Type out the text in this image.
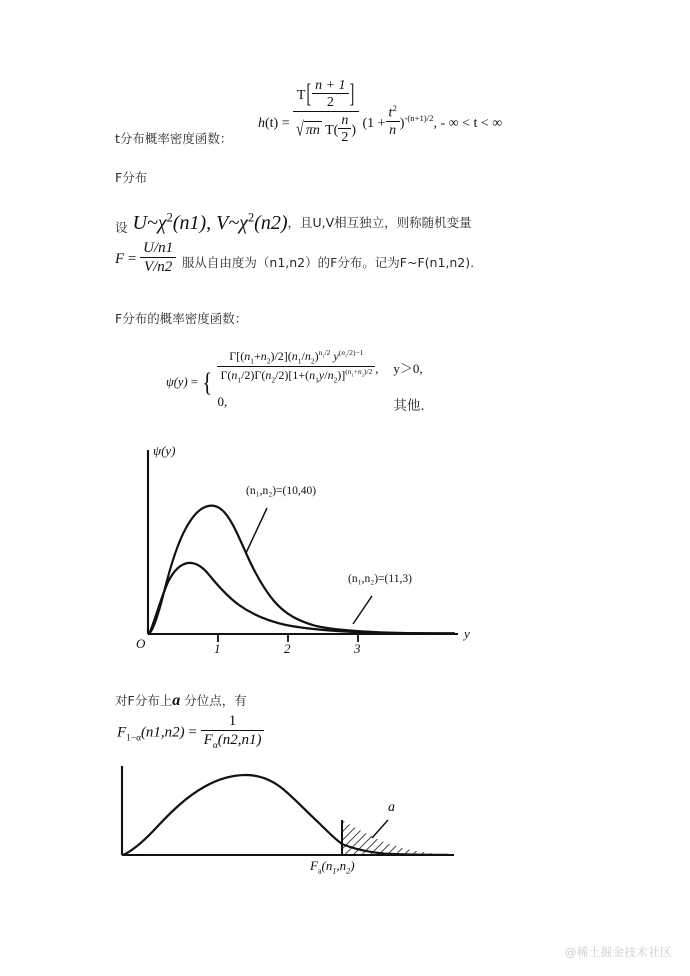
$h(t) = \frac{T[ \frac{n + 1}{2} ]}{√ \pi n T( \frac{n}{2} )} (1 + \frac{t^2}{n} )^{-(n+1)/2}$, - ∞ < t < ∞
t分布概率密度函数：
F分布
设 $U\sim\chi^2(n1)$, $V\sim\chi^2(n2)$，且U,V相互独立，则称随机变量
$F = \frac{U/n1}{V/n2}$ 服从自由度为（n1,n2）的F分布。记为F~F(n1,n2).
F分布的概率密度函数：
ψ(y) =	{	$\frac{\Gamma[(n_1+n_2)/2](n_1/n_2)^{n_1/2} y^{(n_1/2)-1}}{\Gamma(n_1/2)\Gamma(n_2/2)[1+(n_1y/n_2)]^{(n_1+n_2)/2}}$ ,	y＞0,
		0,	其他.
ψ(y)
y
O	1	2	3
(n₁,n₂)=(10,40)
(n₁,n₂)=(11,3)
对F分布上a 分位点，有
$F_{1-\alpha}(n1,n2) = \frac{1}{F_\alpha(n2,n1)}$
a
$F_a(n_1,n_2)$
@稀土掘金技术社区
